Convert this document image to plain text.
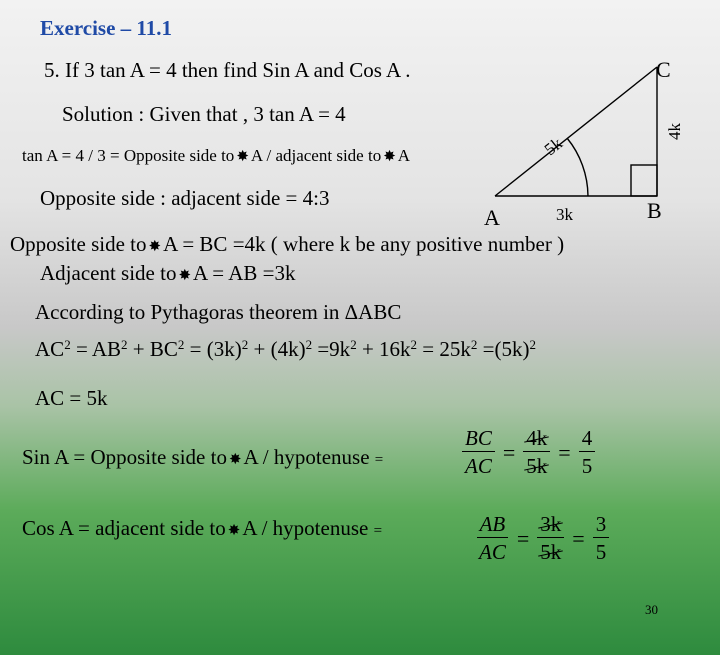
Exercise – 11.1
5. If 3 tan A = 4 then find Sin A and Cos A .
Solution : Given that , 3 tan A = 4
tan A = 4 / 3 = Opposite side to ✸ A / adjacent side to ✸ A
Opposite side : adjacent side = 4:3
C
A	B
3k
4k
5k
Opposite side to ✸A = BC =4k ( where k be any positive number )
Adjacent side to ✸A = AB =3k
According to Pythagoras theorem in ΔABC
$AC^2 = AB^2 + BC^2 = (3k)^2 + (4k)^2 =9k^2 + 16k^2 = 25k^2 =(5k)^2$
AC = 5k
Sin A = Opposite side to ✸A / hypotenuse =	$\frac{BC}{AC} = \frac{4k}{5k} = \frac{4}{5}$
Cos A = adjacent side to ✸A / hypotenuse =	$\frac{AB}{AC} = \frac{3k}{5k} = \frac{3}{5}$
30
